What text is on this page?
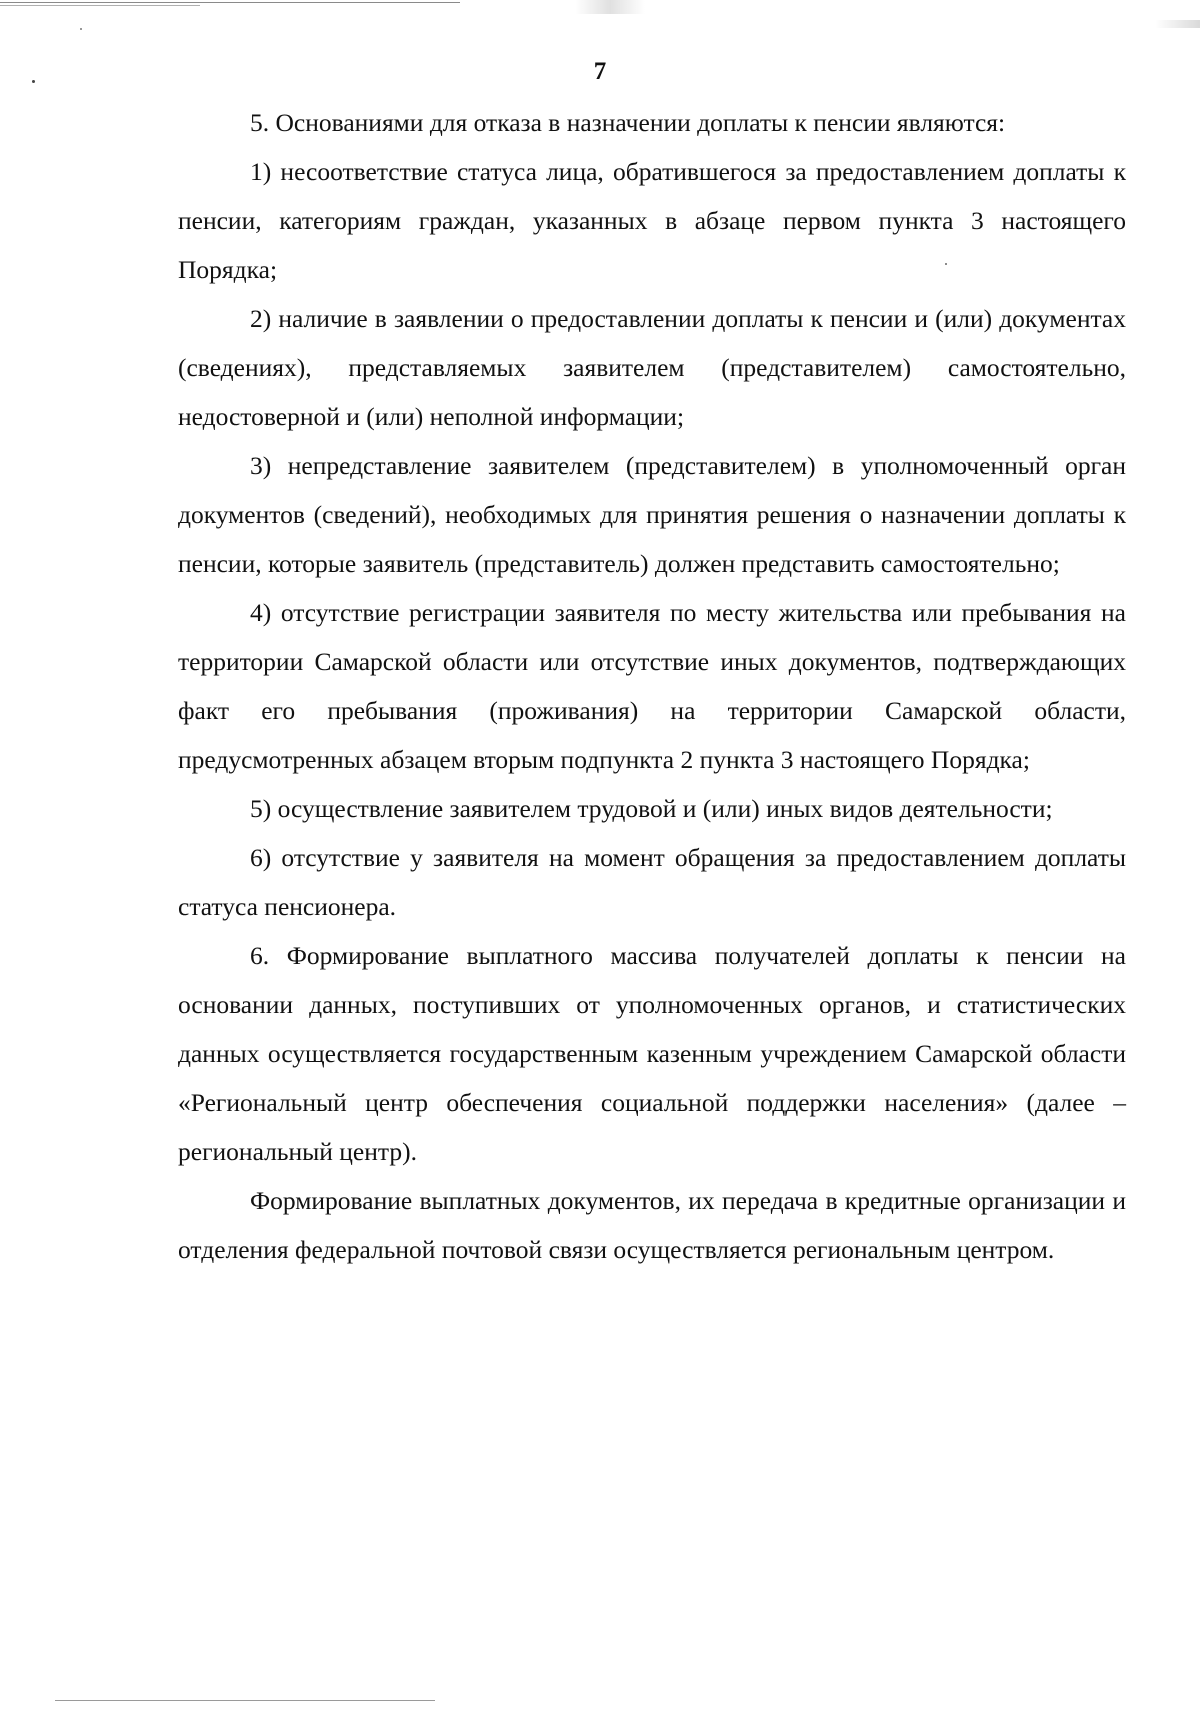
7

5. Основаниями для отказа в назначении доплаты к пенсии являются:

1) несоответствие статуса лица, обратившегося за предоставлением доплаты к пенсии, категориям граждан, указанных в абзаце первом пункта 3 настоящего Порядка;

2) наличие в заявлении о предоставлении доплаты к пенсии и (или) документах (сведениях), представляемых заявителем (представителем) самостоятельно, недостоверной и (или) неполной информации;

3) непредставление заявителем (представителем) в уполномоченный орган документов (сведений), необходимых для принятия решения о назначении доплаты к пенсии, которые заявитель (представитель) должен представить самостоятельно;

4) отсутствие регистрации заявителя по месту жительства или пребывания на территории Самарской области или отсутствие иных документов, подтверждающих факт его пребывания (проживания) на территории Самарской области, предусмотренных абзацем вторым подпункта 2 пункта 3 настоящего Порядка;

5) осуществление заявителем трудовой и (или) иных видов деятельности;

6) отсутствие у заявителя на момент обращения за предоставлением доплаты статуса пенсионера.

6. Формирование выплатного массива получателей доплаты к пенсии на основании данных, поступивших от уполномоченных органов, и статистических данных осуществляется государственным казенным учреждением Самарской области «Региональный центр обеспечения социальной поддержки населения» (далее – региональный центр).

Формирование выплатных документов, их передача в кредитные организации и отделения федеральной почтовой связи осуществляется региональным центром.
